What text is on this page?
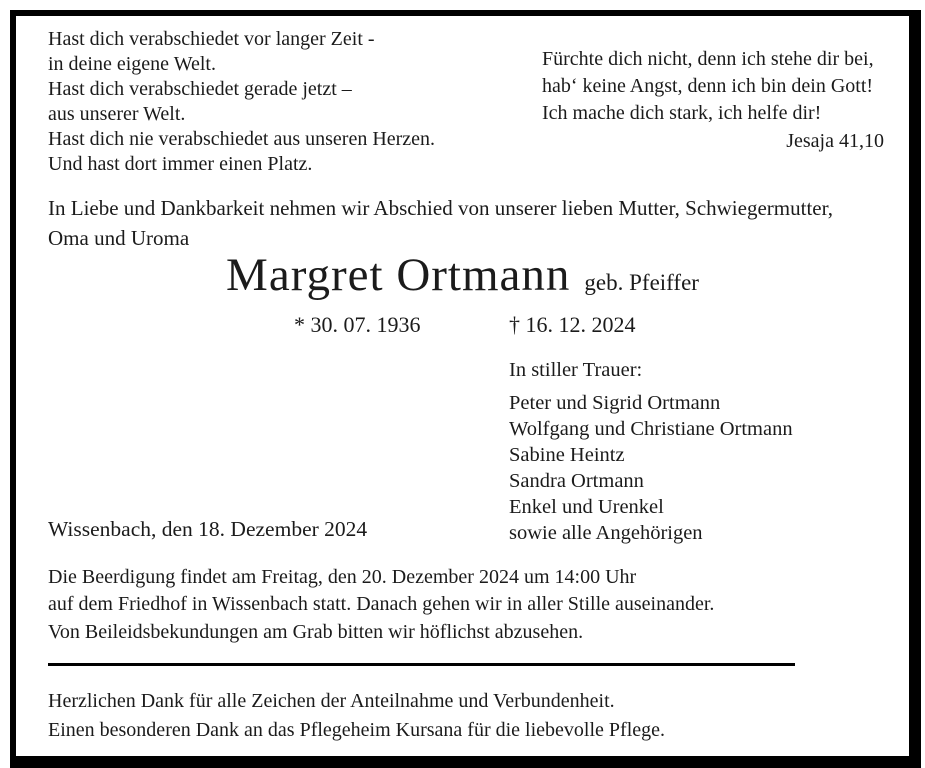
Hast dich verabschiedet vor langer Zeit -
in deine eigene Welt.
Hast dich verabschiedet gerade jetzt –
aus unserer Welt.
Hast dich nie verabschiedet aus unseren Herzen.
Und hast dort immer einen Platz.
Fürchte dich nicht, denn ich stehe dir bei,
hab‘ keine Angst, denn ich bin dein Gott!
Ich mache dich stark, ich helfe dir!
Jesaja 41,10
In Liebe und Dankbarkeit nehmen wir Abschied von unserer lieben Mutter, Schwiegermutter,
Oma und Uroma
Margret Ortmann geb. Pfeiffer
* 30. 07. 1936	† 16. 12. 2024
In stiller Trauer:
Peter und Sigrid Ortmann
Wolfgang und Christiane Ortmann
Sabine Heintz
Sandra Ortmann
Enkel und Urenkel
sowie alle Angehörigen
Wissenbach, den 18. Dezember 2024
Die Beerdigung findet am Freitag, den 20. Dezember 2024 um 14:00 Uhr
auf dem Friedhof in Wissenbach statt. Danach gehen wir in aller Stille auseinander.
Von Beileidsbekundungen am Grab bitten wir höflichst abzusehen.
Herzlichen Dank für alle Zeichen der Anteilnahme und Verbundenheit.
Einen besonderen Dank an das Pflegeheim Kursana für die liebevolle Pflege.
